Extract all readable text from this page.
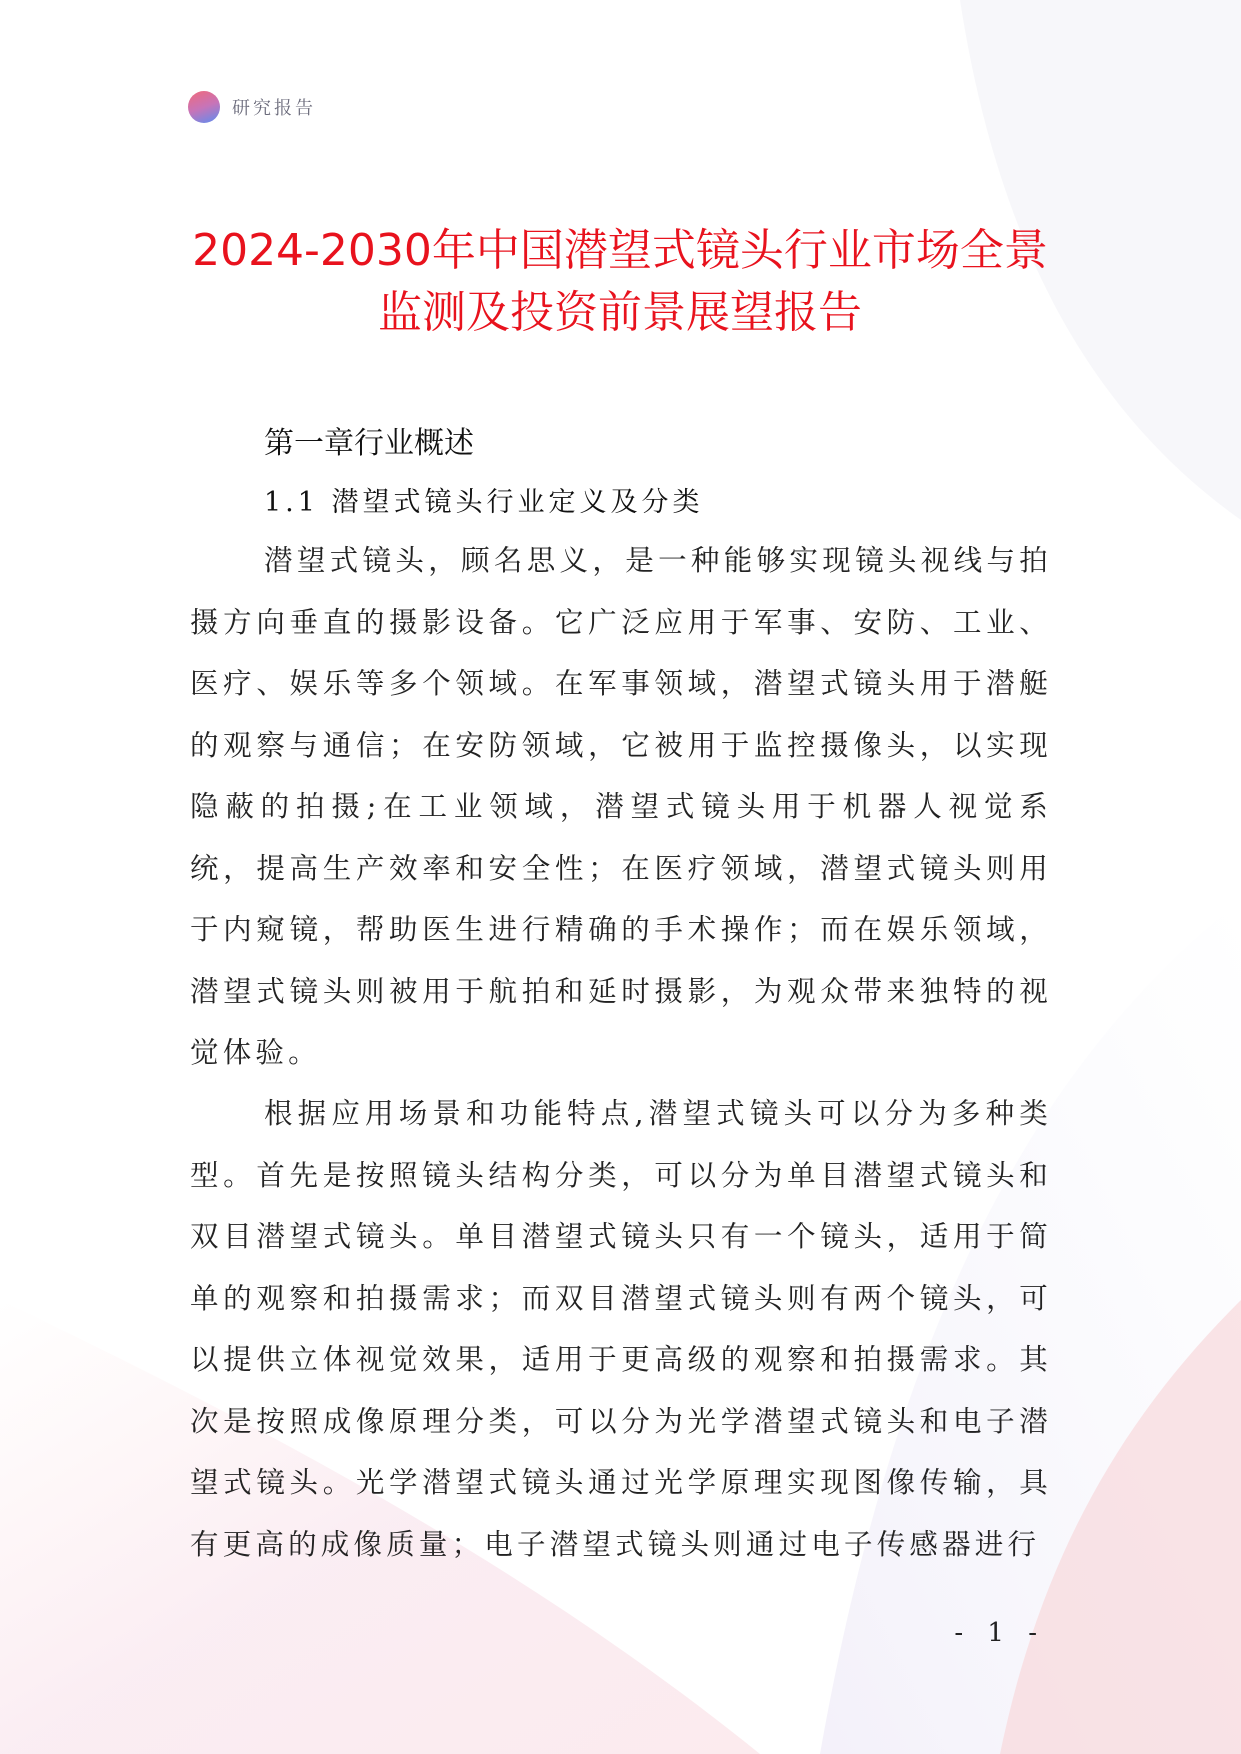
研究报告
2024-2030年中国潜望式镜头行业市场全景
监测及投资前景展望报告
第一章行业概述
1.1 潜望式镜头行业定义及分类

潜望式镜头，顾名思义，是一种能够实现镜头视线与拍摄方向垂直的摄影设备。它广泛应用于军事、安防、工业、医疗、娱乐等多个领域。在军事领域，潜望式镜头用于潜艇的观察与通信；在安防领域，它被用于监控摄像头，以实现隐蔽的拍摄;在工业领域，潜望式镜头用于机器人视觉系统，提高生产效率和安全性；在医疗领域，潜望式镜头则用于内窥镜，帮助医生进行精确的手术操作；而在娱乐领域，潜望式镜头则被用于航拍和延时摄影，为观众带来独特的视觉体验。

根据应用场景和功能特点,潜望式镜头可以分为多种类型。首先是按照镜头结构分类，可以分为单目潜望式镜头和双目潜望式镜头。单目潜望式镜头只有一个镜头，适用于简单的观察和拍摄需求；而双目潜望式镜头则有两个镜头，可以提供立体视觉效果，适用于更高级的观察和拍摄需求。其次是按照成像原理分类，可以分为光学潜望式镜头和电子潜望式镜头。光学潜望式镜头通过光学原理实现图像传输，具有更高的成像质量；电子潜望式镜头则通过电子传感器进行

- 1 -
